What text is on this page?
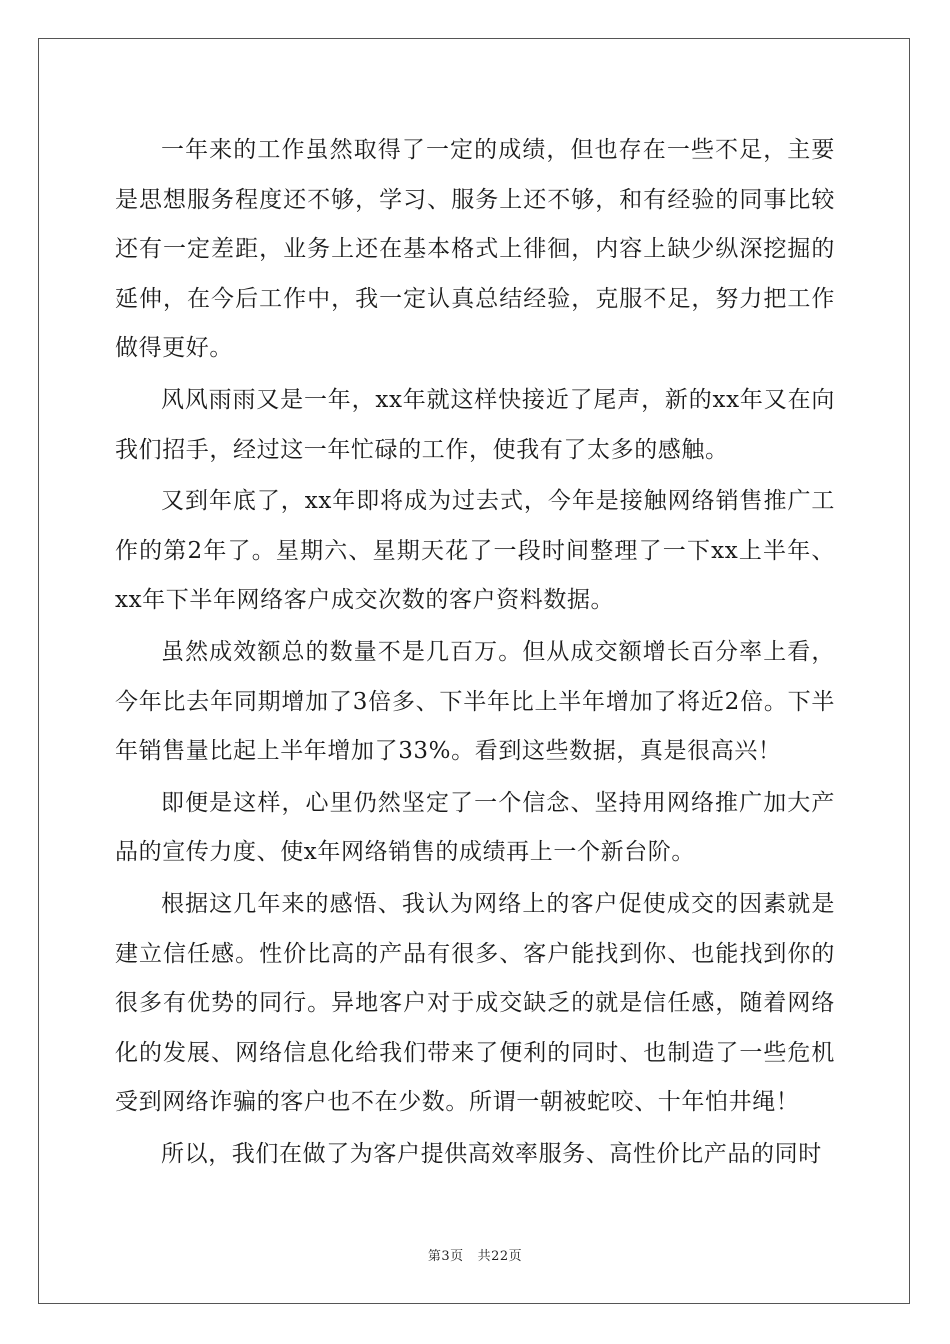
一年来的工作虽然取得了一定的成绩，但也存在一些不足，主要是思想服务程度还不够，学习、服务上还不够，和有经验的同事比较还有一定差距，业务上还在基本格式上徘徊，内容上缺少纵深挖掘的延伸，在今后工作中，我一定认真总结经验，克服不足，努力把工作做得更好。

风风雨雨又是一年，xx年就这样快接近了尾声，新的xx年又在向我们招手，经过这一年忙碌的工作，使我有了太多的感触。

又到年底了，xx年即将成为过去式，今年是接触网络销售推广工作的第2年了。星期六、星期天花了一段时间整理了一下xx上半年、xx年下半年网络客户成交次数的客户资料数据。

虽然成效额总的数量不是几百万。但从成交额增长百分率上看，今年比去年同期增加了3倍多、下半年比上半年增加了将近2倍。下半年销售量比起上半年增加了33%。看到这些数据，真是很高兴！

即便是这样，心里仍然坚定了一个信念、坚持用网络推广加大产品的宣传力度、使x年网络销售的成绩再上一个新台阶。

根据这几年来的感悟、我认为网络上的客户促使成交的因素就是建立信任感。性价比高的产品有很多、客户能找到你、也能找到你的很多有优势的同行。异地客户对于成交缺乏的就是信任感，随着网络化的发展、网络信息化给我们带来了便利的同时、也制造了一些危机受到网络诈骗的客户也不在少数。所谓一朝被蛇咬、十年怕井绳！

所以，我们在做了为客户提供高效率服务、高性价比产品的同时

第3页 共22页
